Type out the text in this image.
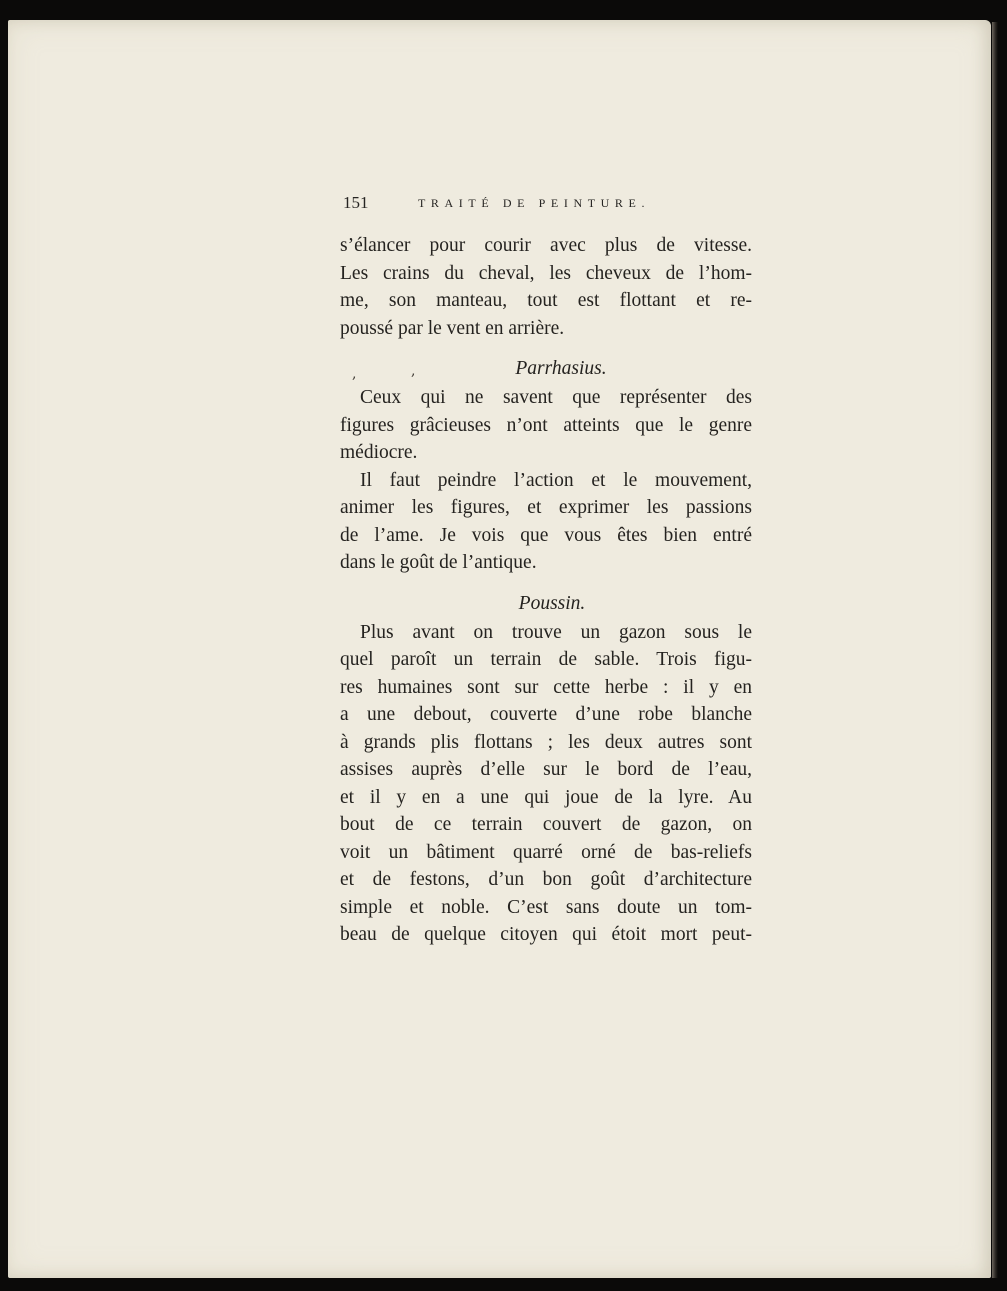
,	,
151	TRAITÉ DE PEINTURE.
s’élancer pour courir avec plus de vitesse.
Les crains du cheval, les cheveux de l’hom-
me, son manteau, tout est flottant et re-
poussé par le vent en arrière.
Parrhasius.
Ceux qui ne savent que représenter des
figures grâcieuses n’ont atteints que le genre
médiocre.
Il faut peindre l’action et le mouvement,
animer les figures, et exprimer les passions
de l’ame. Je vois que vous êtes bien entré
dans le goût de l’antique.
Poussin.
Plus avant on trouve un gazon sous le
quel paroît un terrain de sable. Trois figu-
res humaines sont sur cette herbe : il y en
a une debout, couverte d’une robe blanche
à grands plis flottans ; les deux autres sont
assises auprès d’elle sur le bord de l’eau,
et il y en a une qui joue de la lyre. Au
bout de ce terrain couvert de gazon, on
voit un bâtiment quarré orné de bas-reliefs
et de festons, d’un bon goût d’architecture
simple et noble. C’est sans doute un tom-
beau de quelque citoyen qui étoit mort peut-
